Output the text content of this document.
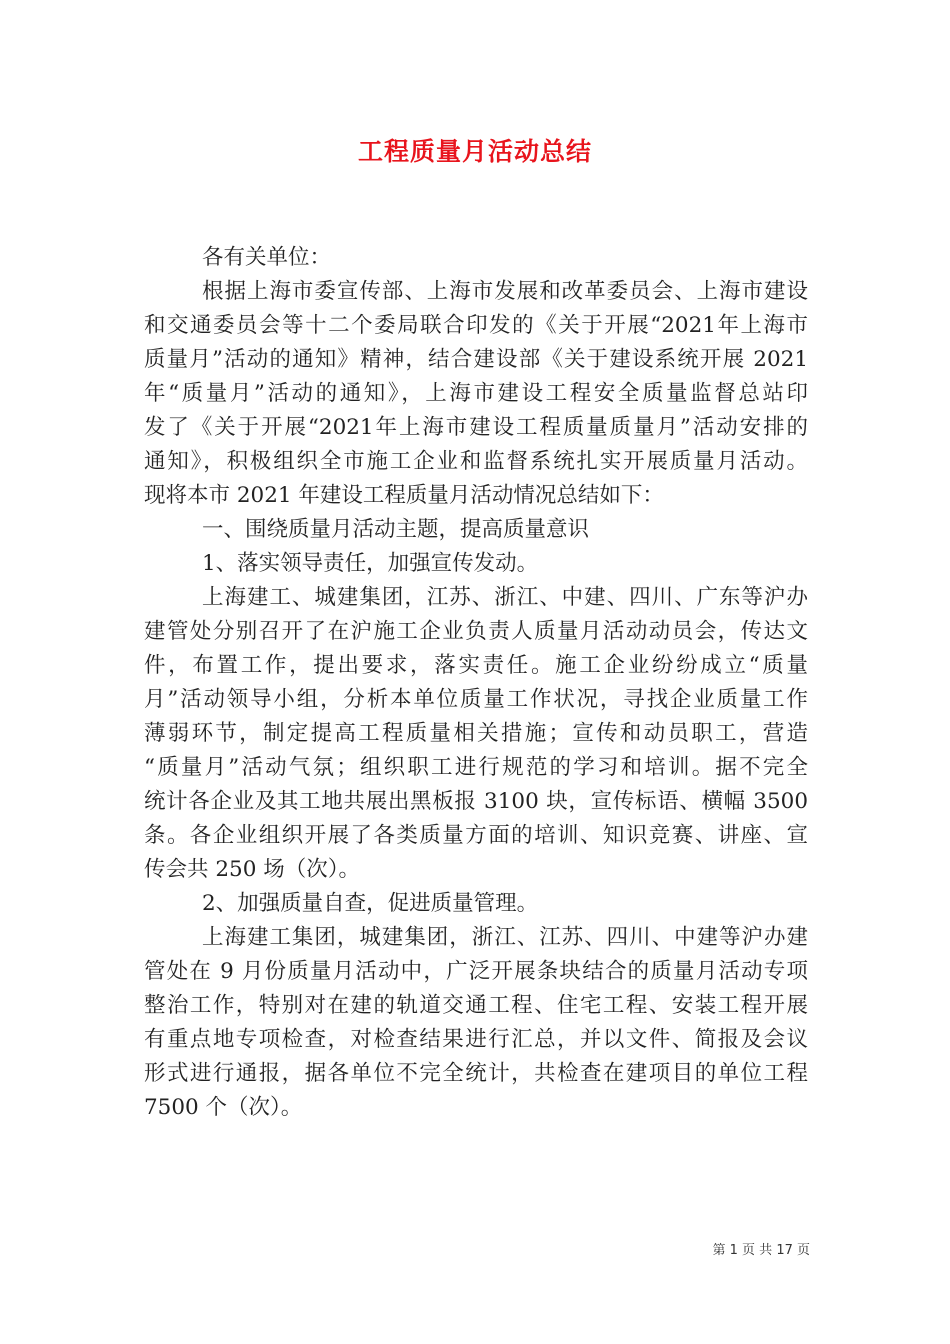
工程质量月活动总结

各有关单位：

根据上海市委宣传部、上海市发展和改革委员会、上海市建设

和交通委员会等十二个委局联合印发的《关于开展“2021年上海市

质量月”活动的通知》精神，结合建设部《关于建设系统开展 2021

年“质量月”活动的通知》，上海市建设工程安全质量监督总站印

发了《关于开展“2021年上海市建设工程质量质量月”活动安排的

通知》，积极组织全市施工企业和监督系统扎实开展质量月活动。

现将本市 2021 年建设工程质量月活动情况总结如下：

一、围绕质量月活动主题，提高质量意识

1、落实领导责任，加强宣传发动。

上海建工、城建集团，江苏、浙江、中建、四川、广东等沪办

建管处分别召开了在沪施工企业负责人质量月活动动员会，传达文

件，布置工作，提出要求，落实责任。施工企业纷纷成立“质量

月”活动领导小组，分析本单位质量工作状况，寻找企业质量工作

薄弱环节，制定提高工程质量相关措施；宣传和动员职工，营造

“质量月”活动气氛；组织职工进行规范的学习和培训。据不完全

统计各企业及其工地共展出黑板报 3100 块，宣传标语、横幅 3500

条。各企业组织开展了各类质量方面的培训、知识竞赛、讲座、宣

传会共 250 场（次）。

2、加强质量自查，促进质量管理。

上海建工集团，城建集团，浙江、江苏、四川、中建等沪办建

管处在 9 月份质量月活动中，广泛开展条块结合的质量月活动专项

整治工作，特别对在建的轨道交通工程、住宅工程、安装工程开展

有重点地专项检查，对检查结果进行汇总，并以文件、简报及会议

形式进行通报，据各单位不完全统计，共检查在建项目的单位工程

7500 个（次）。

第 1 页 共 17 页
